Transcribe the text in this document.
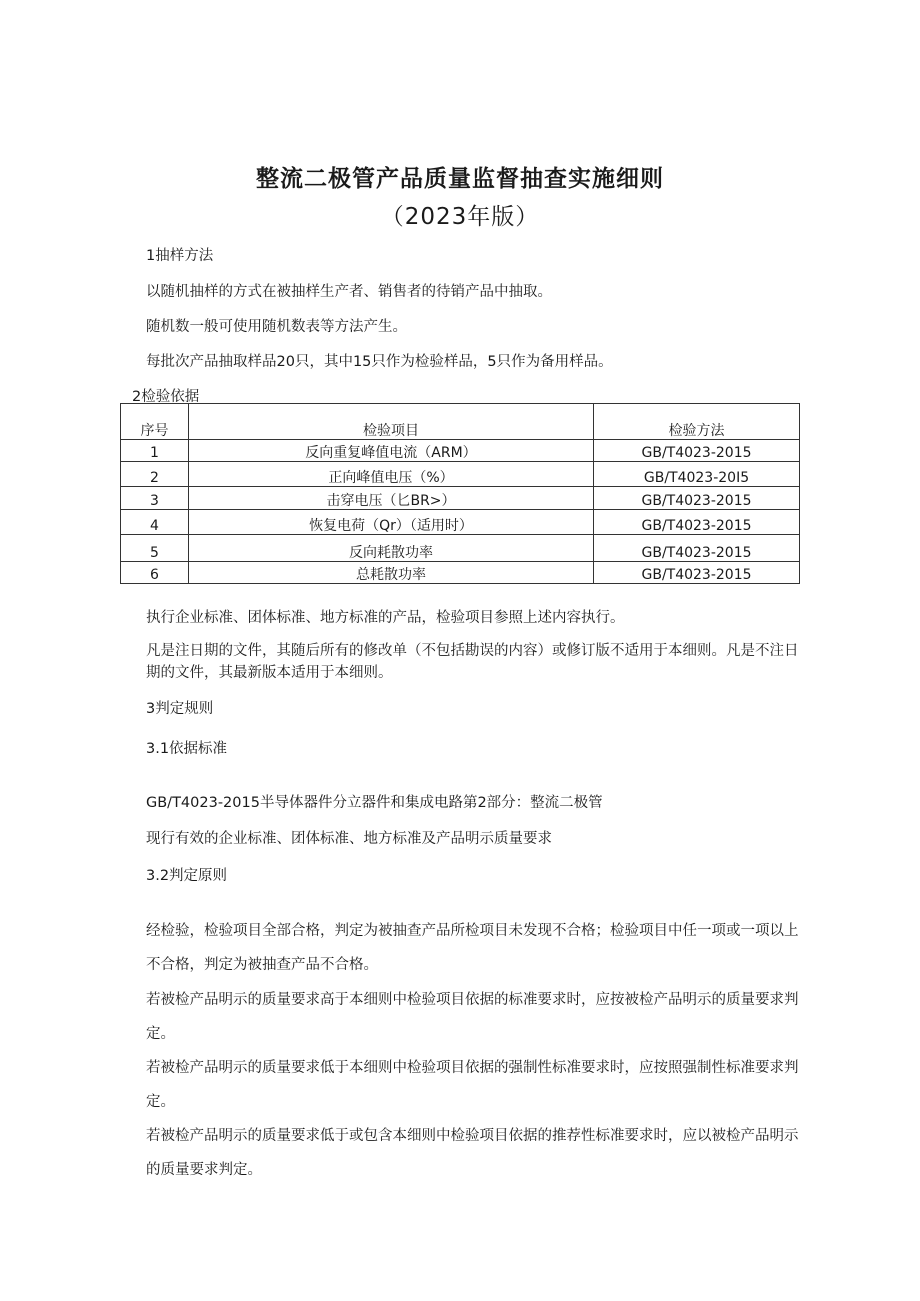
整流二极管产品质量监督抽查实施细则
（2023年版）
1抽样方法
以随机抽样的方式在被抽样生产者、销售者的待销产品中抽取。
随机数一般可使用随机数表等方法产生。
每批次产品抽取样品20只，其中15只作为检验样品，5只作为备用样品。
2检验依据
序号	检验项目	检验方法
1	反向重复峰值电流（ARM）	GB/T4023-2015
2	正向峰值电压（%）	GB/T4023-20I5
3	击穿电压（匕BR>）	GB/T4023-2015
4	恢复电荷（Qr）（适用时）	GB/T4023-2015
5	反向耗散功率	GB/T4023-2015
6	总耗散功率	GB/T4023-2015
执行企业标准、团体标准、地方标准的产品，检验项目参照上述内容执行。
凡是注日期的文件，其随后所有的修改单（不包括勘误的内容）或修订版不适用于本细则。凡是不注日期的文件，其最新版本适用于本细则。
3判定规则
3.1依据标准
GB/T4023-2015半导体器件分立器件和集成电路第2部分：整流二极管
现行有效的企业标准、团体标准、地方标准及产品明示质量要求
3.2判定原则
经检验，检验项目全部合格，判定为被抽查产品所检项目未发现不合格；检验项目中任一项或一项以上不合格，判定为被抽查产品不合格。
若被检产品明示的质量要求高于本细则中检验项目依据的标准要求时，应按被检产品明示的质量要求判定。
若被检产品明示的质量要求低于本细则中检验项目依据的强制性标准要求时，应按照强制性标准要求判定。
若被检产品明示的质量要求低于或包含本细则中检验项目依据的推荐性标准要求时，应以被检产品明示的质量要求判定。
